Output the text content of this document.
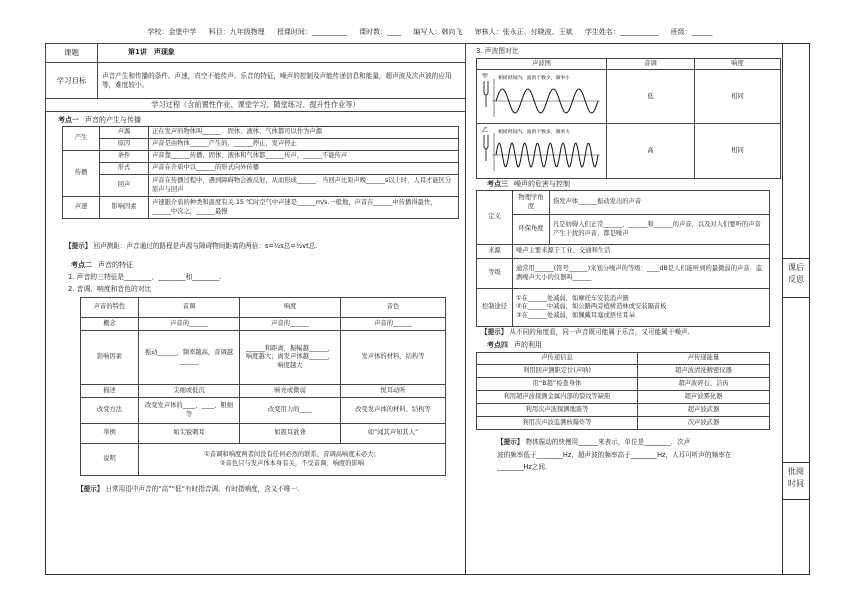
学校：金堡中学 科目：九年级物理 授课时间：__________ 课时数：____ 编写人：韩向飞 审核人：张永正、付晓波、王斌 学生姓名：___________ 班级：______
课题	第1讲　声现象
学习目标	声音产生和传播的条件、声速，真空不能传声、乐音的特征，噪声的控制及声能传递信息和能量，超声波及次声波的应用等，难度较小。
学习过程（含前置性作业、课堂学习、随堂练习、提升性作业等）	
考点一 声音的产生与传播
产生	声源	正在发声的物体叫______．固体、液体、气体都可以作为声源
	原因	声音是由物体______产生的，______停止，发声停止
传播	条件	声音靠______传播，固体、液体和气体都______传声，______不能传声
	形式	声音在介质中以______的形式向外传播
	回声	声音在传播过程中，遇到障碍物会被反射，从而形成______．当回声比原声晚______s以上时，人耳才能区分原声与回声
声速	影响因素	声速跟介质的种类和温度有关.15 ℃时空气中声速是______m/s.一般地，声音在______中传播得最快，______中次之，______最慢
【提示】 回声测距：声音通过的路程是声源与障碍物间距离的两倍：s=½s总=½vt总.
考点二 声音的特征
1. 声音的三特征是________、________和________.
2. 音调、响度和音色的对比
声音的特性	音调	响度	音色
概念	声音的______	声音的______	声音的______
影响因素	振动______，频率越高，音调越______	______和距离，振幅越______，响度越大；离发声体越______，响度越大	发声体的材料、结构等
描述	尖细或低沉	响亮或微弱	悦耳动听
改变方法	改变发声体的____、____、粗细等	改变用力的____	改变发声体的材料、结构等
举例	如尖锐刺耳	如震耳欲聋	如“闻其声知其人”
说明	①音调和响度两者间没有任何必然的联系，音调高响度未必大；
②音色只与发声体本身有关，不受音调、响度的影响		
【提示】 日常用语中声音的“高”“低”有时指音调，有时指响度，含义不唯一.
3. 声波图对比
声波图	音调	响度

甲 相同时间内，波的个数少，频率小	低	相同

乙 相同时间内，波的个数多，频率大	高	相同
考点三 噪声的危害与控制
定义	物理学角度	指发声体______振动发出的声音
	环保角度	凡是妨碍人们正常______、______和______的声音，以及对人们要听的声音产生干扰的声音，都是噪声
来源	噪声主要来源于工业、交通和生活	
等级	通常用______(符号______)来划分噪声的等级：____dB是人们能听到的最微弱的声音．监测噪声大小的仪器叫______	
控制途径	①在______处减弱，如摩托车安装消声器
②在______中减弱，如公路两旁植树造林或安装隔音板
③在______处减弱，如佩戴耳塞或捂住耳朵	
【提示】 从不同的角度看，同一声音既可能属于乐音，又可能属于噪声.
考点四 声的利用
声传递信息	声传递能量
利用回声测距定位(声呐)	超声波清洗精密仪器
用“B超”检查身体	超声波碎石、洁齿
利用超声波探测金属内部的裂纹等缺陷	超声波雾化器
利用次声波探测地震等	超声波武器
利用次声波监测核爆炸等	次声波武器
【提示】 物体振动的快慢用______来表示，单位是________．次声
波的频率低于________Hz，超声波的频率高于________Hz，人耳可听声的频率在
________Hz之间.
课后反思
批阅时间
